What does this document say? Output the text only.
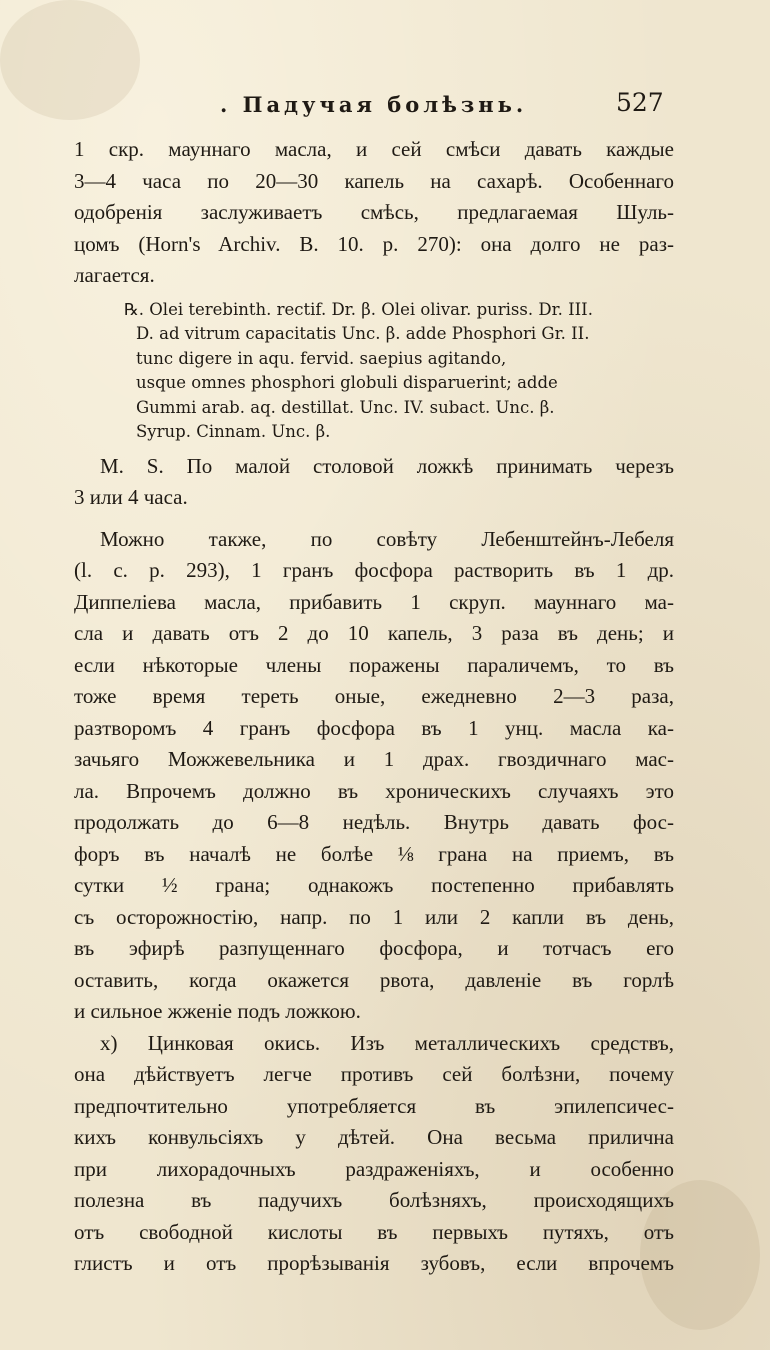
. Падучая болѣзнь.	527
1 скр. мауннаго масла, и сей смѣси давать каждые
3—4 часа по 20—30 капель на сахарѣ. Особеннаго
одобренія заслуживаетъ смѣсь, предлагаемая Шуль-
цомъ (Horn's Archiv. B. 10. p. 270): она долго не раз-
лагается.
℞. Olei terebinth. rectif. Dr. β. Olei olivar. puriss. Dr. III.
D. ad vitrum capacitatis Unc. β. adde Phosphori Gr. II.
tunc digere in aqu. fervid. saepius agitando,
usque omnes phosphori globuli disparuerint; adde
Gummi arab. aq. destillat. Unc. IV. subact. Unc. β.
Syrup. Cinnam. Unc. β.
M. S. По малой столовой ложкѣ принимать черезъ
3 или 4 часа.
Можно также, по совѣту Лебенштейнъ-Лебеля
(l. c. p. 293), 1 гранъ фосфора растворить въ 1 др.
Диппеліева масла, прибавить 1 скруп. мауннаго ма-
сла и давать отъ 2 до 10 капель, 3 раза въ день; и
если нѣкоторые члены поражены параличемъ, то въ
тоже время тереть оные, ежедневно 2—3 раза,
разтворомъ 4 гранъ фосфора въ 1 унц. масла ка-
зачьяго Можжевельника и 1 драх. гвоздичнаго мас-
ла. Впрочемъ должно въ хроническихъ случаяхъ это
продолжать до 6—8 недѣль. Внутрь давать фос-
форъ въ началѣ не болѣе ⅛ грана на приемъ, въ
сутки ½ грана; однакожъ постепенно прибавлять
съ осторожностію, напр. по 1 или 2 капли въ день,
въ эфирѣ разпущеннаго фосфора, и тотчасъ его
оставить, когда окажется рвота, давленіе въ горлѣ
и сильное жженіе подъ ложкою.
x) Цинковая окись. Изъ металлическихъ средствъ,
она дѣйствуетъ легче противъ сей болѣзни, почему
предпочтительно употребляется въ эпилепсичес-
кихъ конвульсіяхъ у дѣтей. Она весьма прилична
при лихорадочныхъ раздраженіяхъ, и особенно
полезна въ падучихъ болѣзняхъ, происходящихъ
отъ свободной кислоты въ первыхъ путяхъ, отъ
глистъ и отъ прорѣзыванія зубовъ, если впрочемъ
